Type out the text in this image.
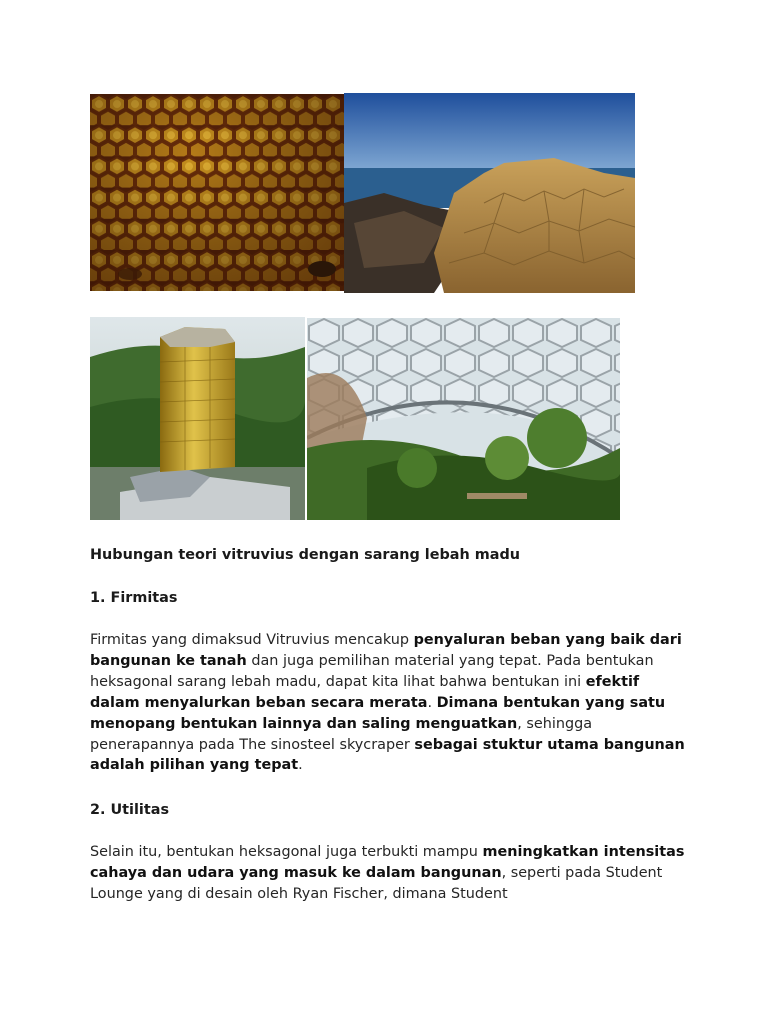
Hubungan teori vitruvius dengan sarang lebah madu

1. Firmitas

Firmitas yang dimaksud Vitruvius mencakup penyaluran beban yang baik dari bangunan ke tanah dan juga pemilihan material yang tepat. Pada bentukan heksagonal sarang lebah madu, dapat kita lihat bahwa bentukan ini efektif dalam menyalurkan beban secara merata. Dimana bentukan yang satu menopang bentukan lainnya dan saling menguatkan, sehingga penerapannya pada The sinosteel skycraper sebagai stuktur utama bangunan adalah pilihan yang tepat.

2. Utilitas

Selain itu, bentukan heksagonal juga terbukti mampu meningkatkan intensitas cahaya dan udara yang masuk ke dalam bangunan, seperti pada Student Lounge yang di desain oleh Ryan Fischer, dimana Student
